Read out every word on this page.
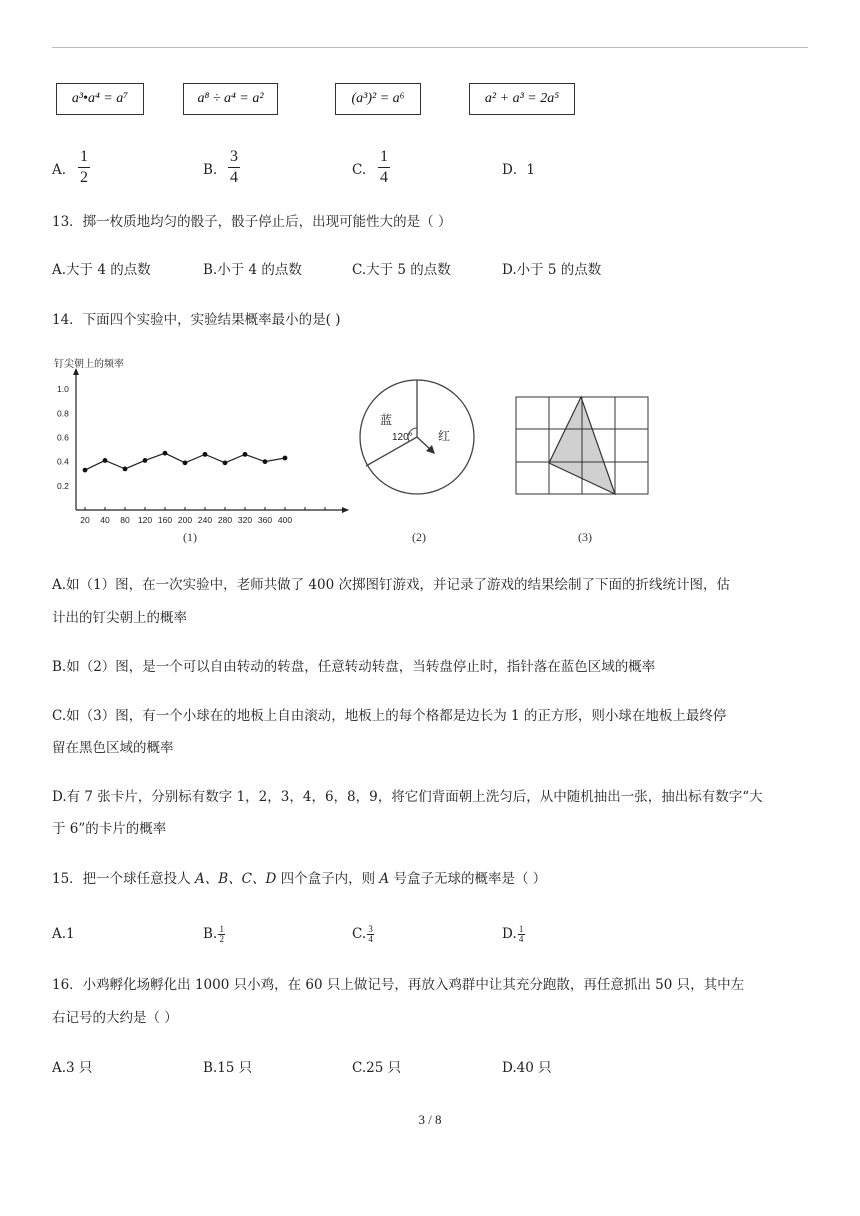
a³•a⁴ = a⁷	a⁸ ÷ a⁴ = a²	(a³)² = a⁶	a² + a³ = 2a⁵
A.
1
2	B.
3
4	C.
1
4	D．1
13．掷一枚质地均匀的骰子，骰子停止后，出现可能性大的是（ ）
A.大于 4 的点数	B.小于 4 的点数	C.大于 5 的点数	D.小于 5 的点数
14．下面四个实验中，实验结果概率最小的是( )
钉尖朝上的频率
1.0
0.8
0.6
0.4
0.2
20 40 80 120 160 200 240 280 320 360 400
(1)
蓝
120° 红
(2)	(3)
A.如（1）图，在一次实验中，老师共做了 400 次掷图钉游戏，并记录了游戏的结果绘制了下面的折线统计图，估
计出的钉尖朝上的概率
B.如（2）图，是一个可以自由转动的转盘，任意转动转盘，当转盘停止时，指针落在蓝色区域的概率
C.如（3）图，有一个小球在的地板上自由滚动，地板上的每个格都是边长为 1 的正方形，则小球在地板上最终停
留在黑色区域的概率
D.有 7 张卡片，分别标有数字 1，2，3，4，6，8，9，将它们背面朝上洗匀后，从中随机抽出一张，抽出标有数字“大
于 6”的卡片的概率
15．把一个球任意投人 A、B、C、D 四个盒子内，则 A 号盒子无球的概率是（ ）
A.1	B. $\frac{1}{2}$	C. $\frac{3}{4}$	D. $\frac{1}{4}$
16．小鸡孵化场孵化出 1000 只小鸡，在 60 只上做记号，再放入鸡群中让其充分跑散，再任意抓出 50 只，其中左
右记号的大约是（ ）
A.3 只	B.15 只	C.25 只	D.40 只
3 / 8
